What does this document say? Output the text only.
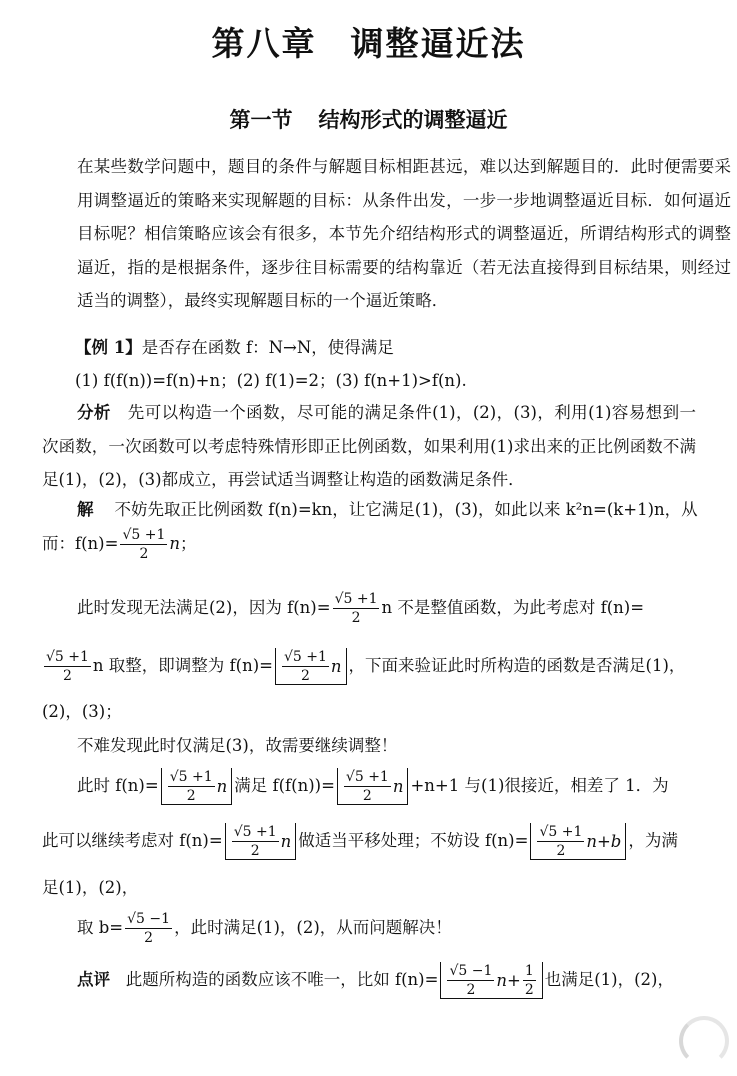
第八章 调整逼近法
第一节 结构形式的调整逼近
在某些数学问题中，题目的条件与解题目标相距甚远，难以达到解题目的．此时便需要采用调整逼近的策略来实现解题的目标：从条件出发，一步一步地调整逼近目标．如何逼近目标呢？相信策略应该会有很多，本节先介绍结构形式的调整逼近，所谓结构形式的调整逼近，指的是根据条件，逐步往目标需要的结构靠近（若无法直接得到目标结果，则经过适当的调整），最终实现解题目标的一个逼近策略．
【例 1】是否存在函数 f：N→N，使得满足
(1) f(f(n))=f(n)+n；(2) f(1)=2；(3) f(n+1)>f(n).
分析 先可以构造一个函数，尽可能的满足条件(1)，(2)，(3)，利用(1)容易想到一次函数，一次函数可以考虑特殊情形即正比例函数，如果利用(1)求出来的正比例函数不满足(1)，(2)，(3)都成立，再尝试适当调整让构造的函数满足条件．
解 不妨先取正比例函数 f(n)=kn，让它满足(1)，(3)，如此以来 k²n=(k+1)n，从
而：$f(n)= \frac{√5 +1}{2}$ n；
此时发现无法满足(2)，因为 $f(n)= \frac{√5 +1}{2}$ n 不是整值函数，为此考虑对 f(n)=
$\frac{√5 +1}{2}$ n 取整，即调整为 $f(n)= \frac{√5 +1}{2}$ n ，下面来验证此时所构造的函数是否满足(1)，
(2)，(3)；
不难发现此时仅满足(3)，故需要继续调整！
此时 $f(n)= \frac{√5 +1}{2}$ n 满足 $f(f(n))= \frac{√5 +1}{2}$ n +n+1 与(1)很接近，相差了 1．为
此可以继续考虑对 $f(n)= \frac{√5 +1}{2}$ n 做适当平移处理；不妨设 $f(n)= \frac{√5 +1}{2} n+b$ ，为满
足(1)，(2)，
取 $b= \frac{√5 -1}{2}$ ，此时满足(1)，(2)，从而问题解决！
点评 此题所构造的函数应该不唯一，比如 $f(n)= \frac{√5 -1}{2} n+ \frac{1}{2}$ 也满足(1)，(2)，
